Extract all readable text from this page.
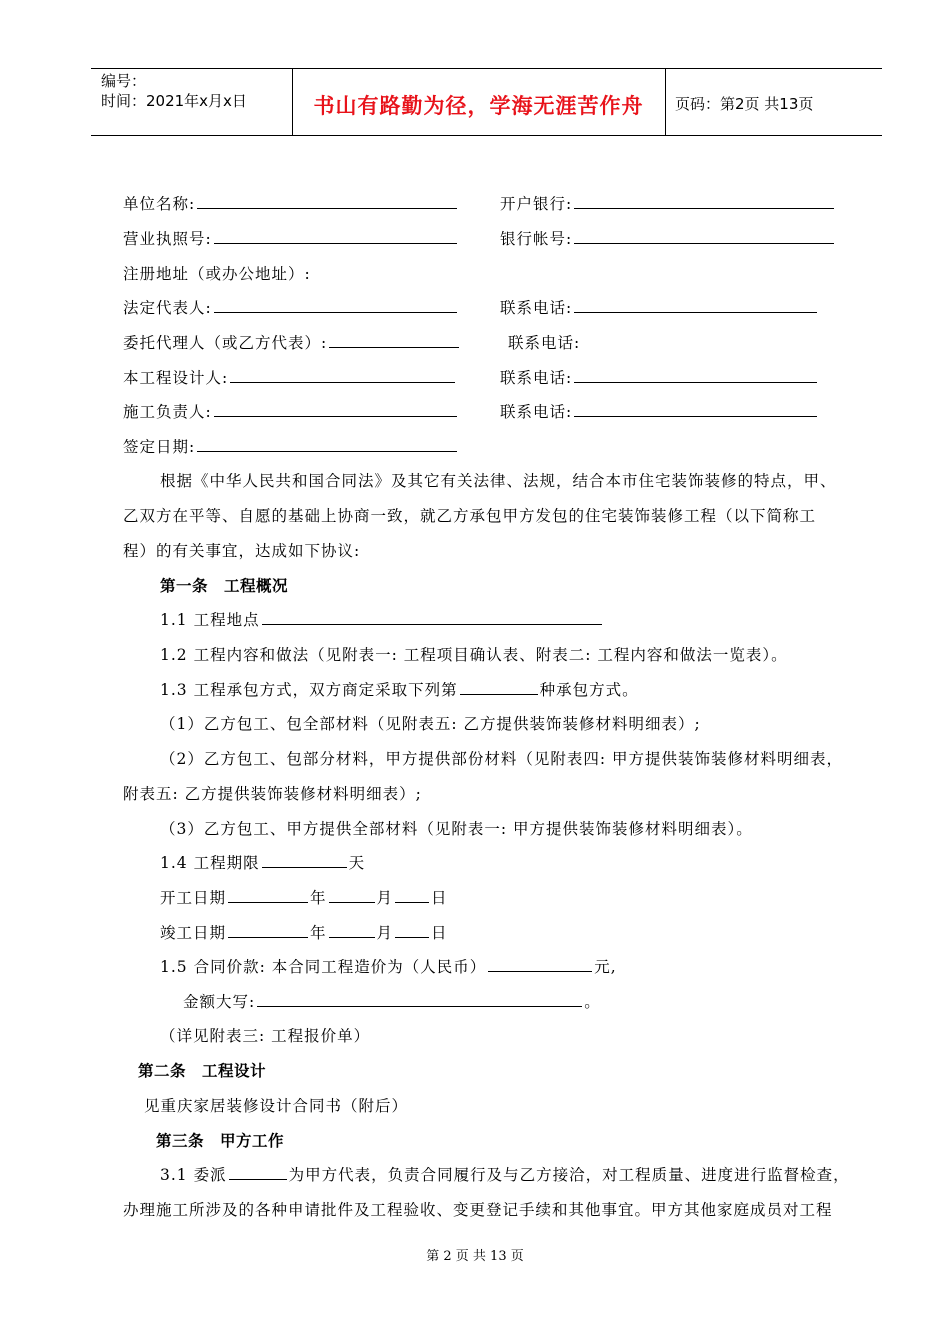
编号：
时间：2021年x月x日	书山有路勤为径，学海无涯苦作舟	页码：第2页 共13页
单位名称:	开户银行:
营业执照号:	银行帐号:
注册地址（或办公地址）:
法定代表人:	联系电话:
委托代理人（或乙方代表）:	联系电话:
本工程设计人:	联系电话:
施工负责人:	联系电话:
签定日期:
根据《中华人民共和国合同法》及其它有关法律、法规，结合本市住宅装饰装修的特点，甲、
乙双方在平等、自愿的基础上协商一致，就乙方承包甲方发包的住宅装饰装修工程（以下简称工
程）的有关事宜，达成如下协议:
第一条　工程概况
1.1 工程地点
1.2 工程内容和做法（见附表一: 工程项目确认表、附表二: 工程内容和做法一览表）。
1.3 工程承包方式，双方商定采取下列第	种承包方式。
（1）乙方包工、包全部材料（见附表五: 乙方提供装饰装修材料明细表）;
（2）乙方包工、包部分材料，甲方提供部份材料（见附表四: 甲方提供装饰装修材料明细表，
附表五: 乙方提供装饰装修材料明细表）;
（3）乙方包工、甲方提供全部材料（见附表一: 甲方提供装饰装修材料明细表）。
1.4 工程期限	天
开工日期	年	月 日
竣工日期	年	月 日
1.5 合同价款: 本合同工程造价为（人民币）	元,
金额大写:	。
（详见附表三: 工程报价单）
第二条　工程设计
见重庆家居装修设计合同书（附后）
第三条　甲方工作
3.1 委派	为甲方代表，负责合同履行及与乙方接洽，对工程质量、进度进行监督检查，
办理施工所涉及的各种申请批件及工程验收、变更登记手续和其他事宜。甲方其他家庭成员对工程
第 2 页 共 13 页
